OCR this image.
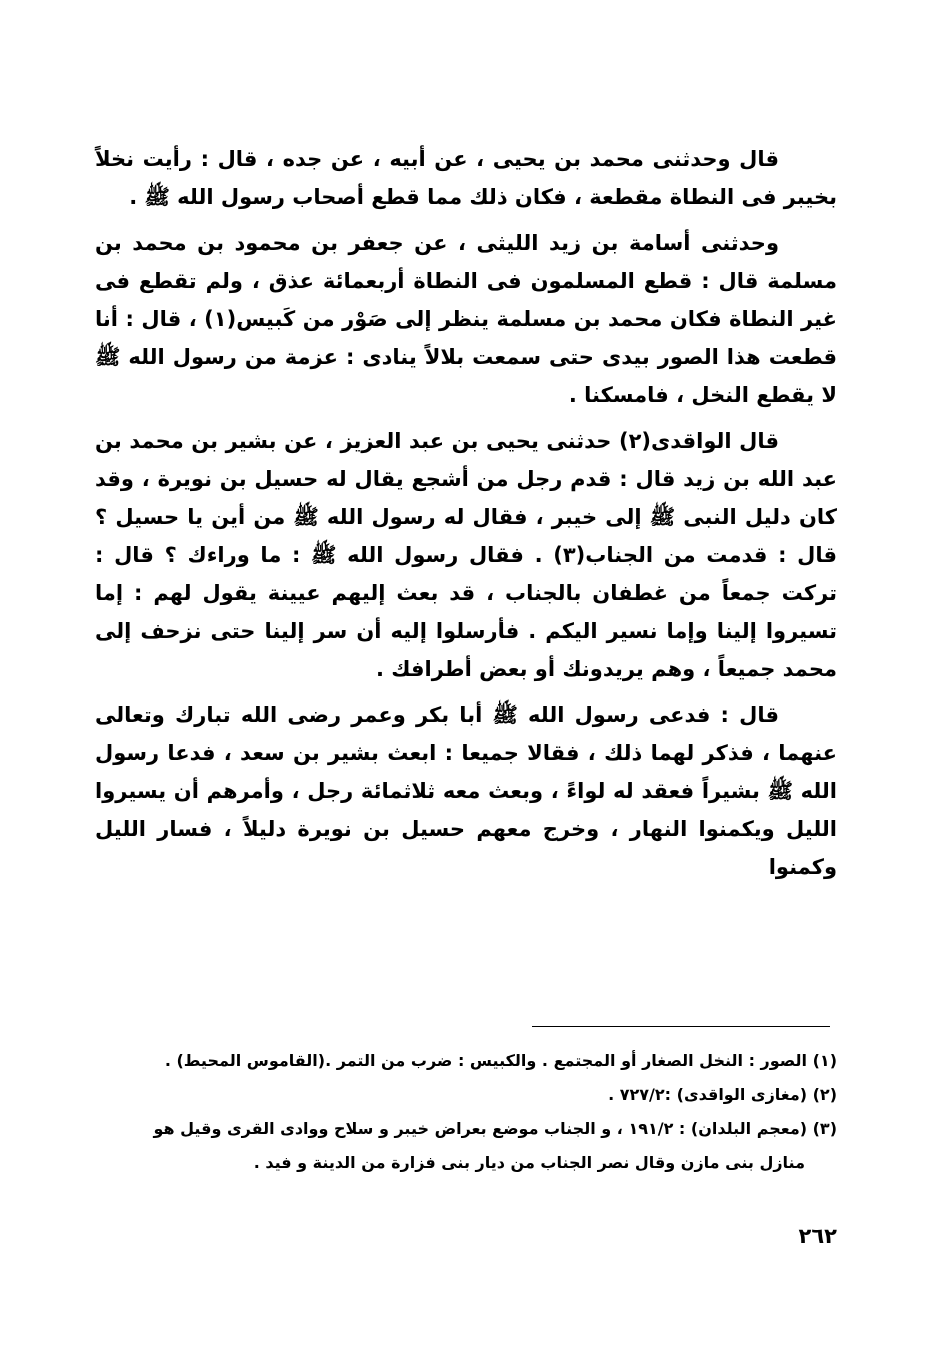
قال وحدثنى محمد بن يحيى ، عن أبيه ، عن جده ، قال : رأيت نخلاً بخيبر فى النطاة مقطعة ، فكان ذلك مما قطع أصحاب رسول الله ﷺ .

وحدثنى أسامة بن زيد الليثى ، عن جعفر بن محمود بن محمد بن مسلمة قال : قطع المسلمون فى النطاة أربعمائة عذق ، ولم تقطع فى غير النطاة فكان محمد بن مسلمة ينظر إلى صَوْر من كَبيس(١) ، قال : أنا قطعت هذا الصور بيدى حتى سمعت بلالاً ينادى : عزمة من رسول الله ﷺ لا يقطع النخل ، فامسكنا .

قال الواقدى(٢) حدثنى يحيى بن عبد العزيز ، عن بشير بن محمد بن عبد الله بن زيد قال : قدم رجل من أشجع يقال له حسيل بن نويرة ، وقد كان دليل النبى ﷺ إلى خيبر ، فقال له رسول الله ﷺ من أين يا حسيل ؟ قال : قدمت من الجناب(٣) . فقال رسول الله ﷺ : ما وراءك ؟ قال : تركت جمعاً من غطفان بالجناب ، قد بعث إليهم عيينة يقول لهم : إما تسيروا إلينا وإما نسير اليكم . فأرسلوا إليه أن سر إلينا حتى نزحف إلى محمد جميعاً ، وهم يريدونك أو بعض أطرافك .

قال : فدعى رسول الله ﷺ أبا بكر وعمر رضى الله تبارك وتعالى عنهما ، فذكر لهما ذلك ، فقالا جميعا : ابعث بشير بن سعد ، فدعا رسول الله ﷺ بشيراً فعقد له لواءً ، وبعث معه ثلاثمائة رجل ، وأمرهم أن يسيروا الليل ويكمنوا النهار ، وخرج معهم حسيل بن نويرة دليلاً ، فسار الليل وكمنوا

(١) الصور : النخل الصغار أو المجتمع . والكبيس : ضرب من التمر .(القاموس المحيط) .

(٢) (مغازى الواقدى) :٧٢٧/٢ .

(٣) (معجم البلدان) : ١٩١/٢ ، و الجناب موضع بعراض خيبر و سلاح ووادى القرى وقيل هو

منازل بنى مازن وقال نصر الجناب من ديار بنى فزارة من الدينة و فيد .

٢٦٢
